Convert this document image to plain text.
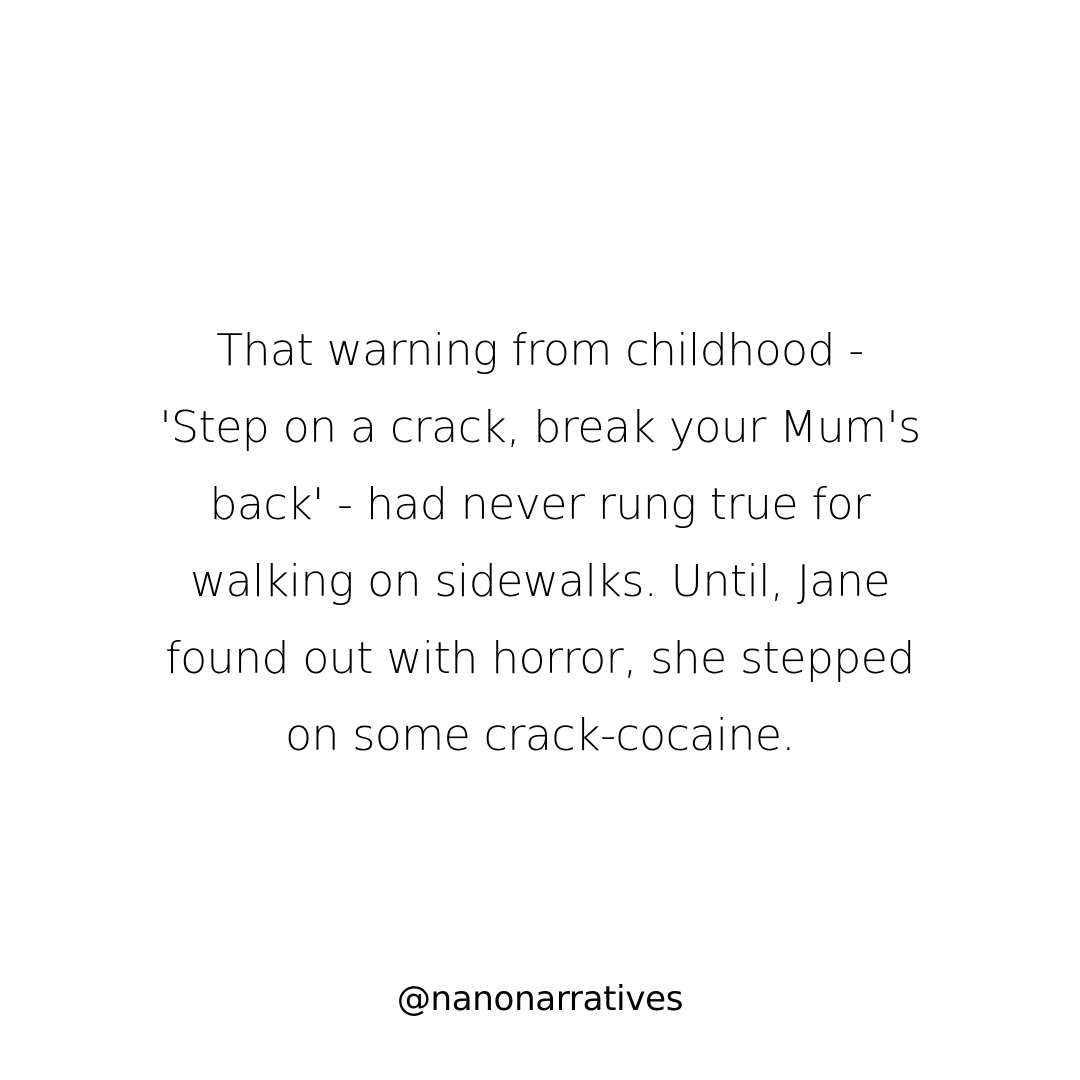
That warning from childhood -
'Step on a crack, break your Mum's
back' - had never rung true for
walking on sidewalks. Until, Jane
found out with horror, she stepped
on some crack-cocaine.

@nanonarratives
